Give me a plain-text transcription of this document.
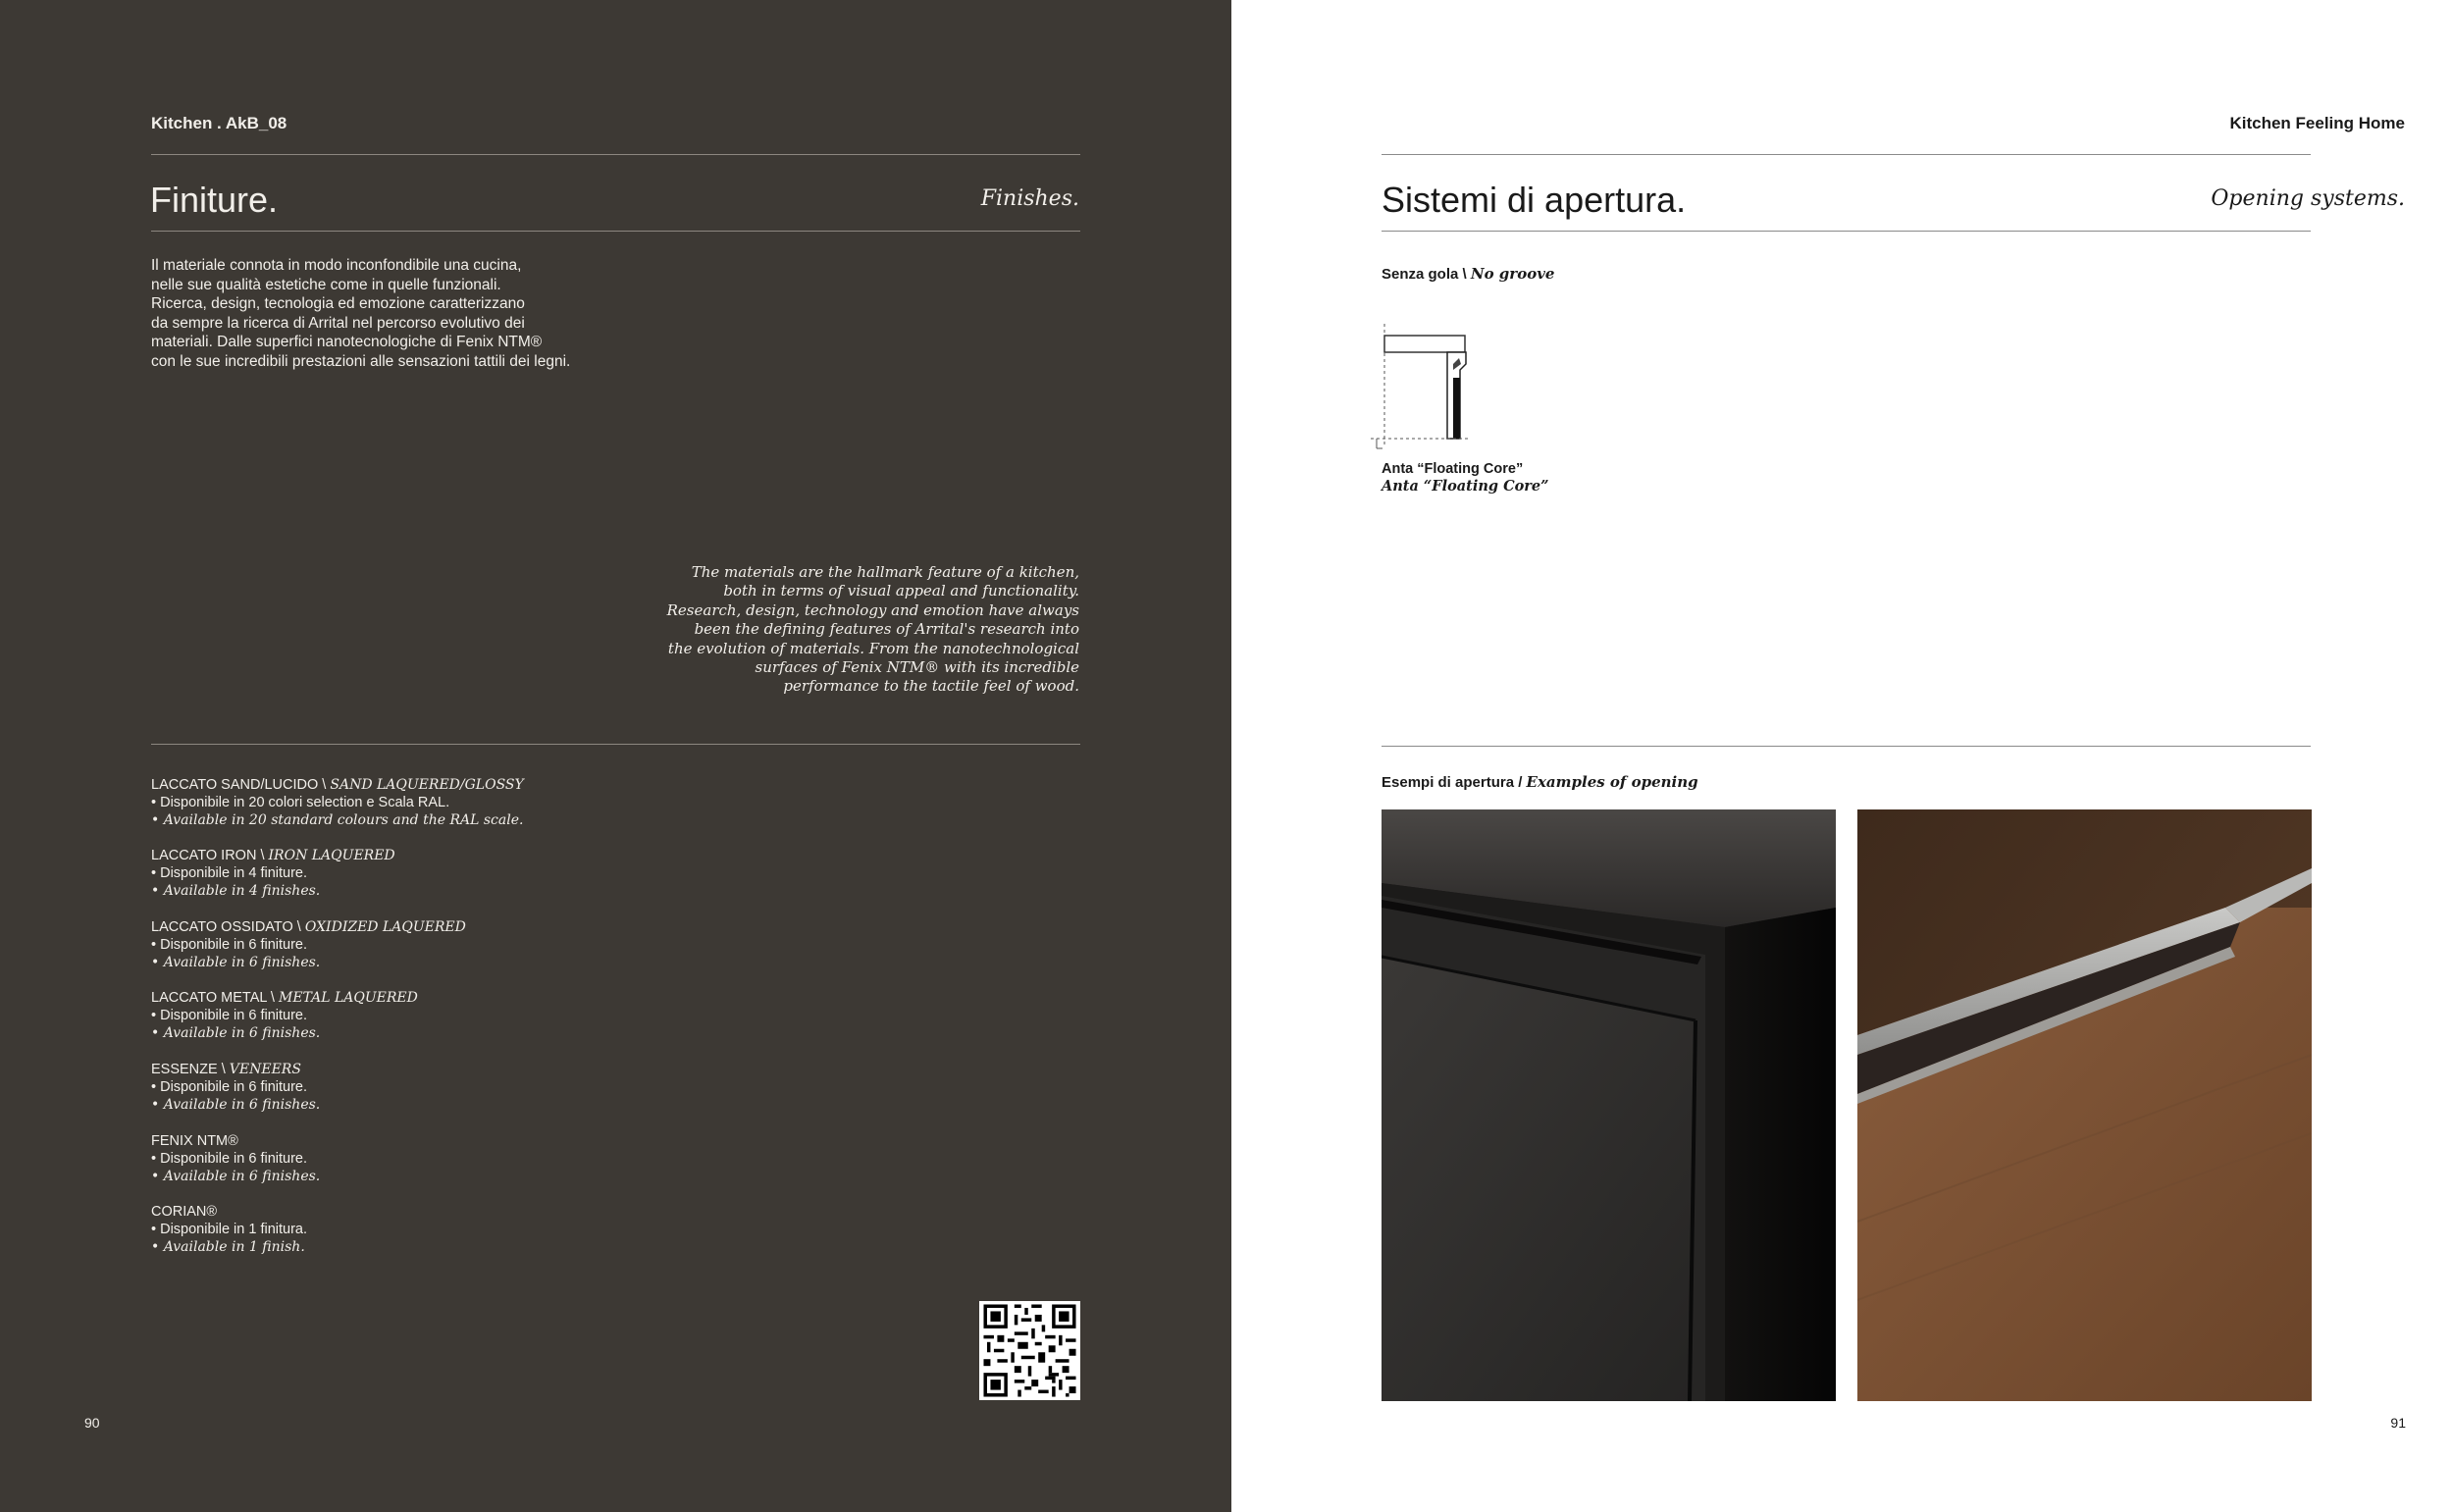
Kitchen . AkB_08
Finiture.	Finishes.
Il materiale connota in modo inconfondibile una cucina,
nelle sue qualità estetiche come in quelle funzionali.
Ricerca, design, tecnologia ed emozione caratterizzano
da sempre la ricerca di Arrital nel percorso evolutivo dei
materiali. Dalle superfici nanotecnologiche di Fenix NTM®
con le sue incredibili prestazioni alle sensazioni tattili dei legni.
The materials are the hallmark feature of a kitchen,
both in terms of visual appeal and functionality.
Research, design, technology and emotion have always
been the defining features of Arrital's research into
the evolution of materials. From the nanotechnological
surfaces of Fenix NTM® with its incredible
performance to the tactile feel of wood.
LACCATO SAND/LUCIDO \ SAND LAQUERED/GLOSSY
• Disponibile in 20 colori selection e Scala RAL.
• Available in 20 standard colours and the RAL scale.
LACCATO IRON \ IRON LAQUERED
• Disponibile in 4 finiture.
• Available in 4 finishes.
LACCATO OSSIDATO \ OXIDIZED LAQUERED
• Disponibile in 6 finiture.
• Available in 6 finishes.
LACCATO METAL \ METAL LAQUERED
• Disponibile in 6 finiture.
• Available in 6 finishes.
ESSENZE \ VENEERS
• Disponibile in 6 finiture.
• Available in 6 finishes.
FENIX NTM®
• Disponibile in 6 finiture.
• Available in 6 finishes.
CORIAN®
• Disponibile in 1 finitura.
• Available in 1 finish.
90
Kitchen Feeling Home
Sistemi di apertura.	Opening systems.
Senza gola \ No groove
Anta “Floating Core”
Anta “Floating Core”
Esempi di apertura / Examples of opening
91
